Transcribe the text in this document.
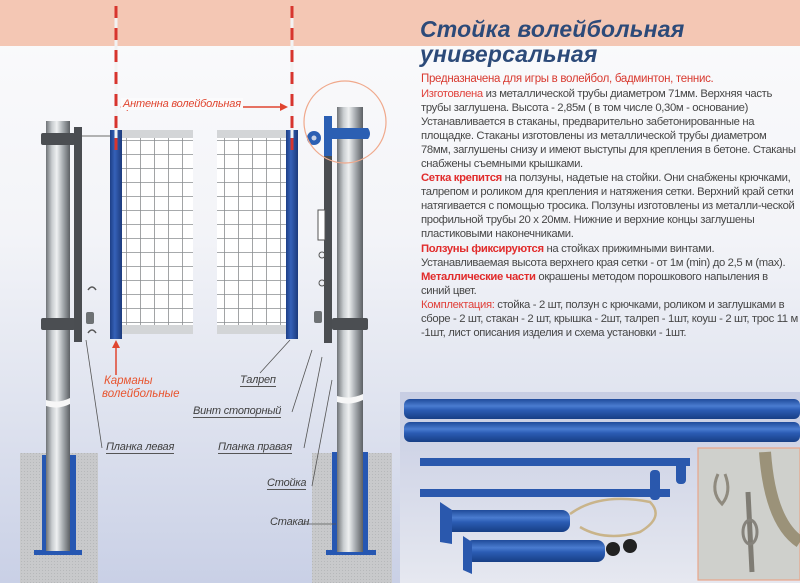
Антенна волейбольная
Карманы
волейбольные
Талреп
Винт стопорный
Планка левая	Планка правая
Стойка
Стакан
Стойка волейбольная
универсальная
Предназначена для игры в волейбол, бадминтон, теннис.

Изготовлена из металлической трубы диаметром 71мм. Верхняя часть трубы заглушена. Высота - 2,85м ( в том числе 0,30м - основание) Устанавливается в стаканы, предварительно забетонированные на площадке. Стаканы изготовлены из металлической трубы диаметром 78мм, заглушены снизу и имеют выступы для крепления в бетоне. Стаканы снабжены съемными крышками.

Сетка крепится на ползуны, надетые на стойки. Они снабжены крючками, талрепом и роликом для крепления и натяжения сетки. Верхний край сетки натягивается с помощью тросика. Ползуны изготовлены из металли-ческой профильной трубы 20 х 20мм. Нижние и верхние концы заглушены пластиковыми наконечниками.

Ползуны фиксируются на стойках прижимными винтами.
Устанавливаемая высота верхнего края сетки - от 1м (min) до 2,5 м (max).

Металлические части окрашены методом порошкового напыления в синий цвет.

Комплектация: стойка - 2 шт, ползун с крючками, роликом и заглушками в сборе - 2 шт, стакан - 2 шт, крышка - 2шт, талреп - 1шт, коуш - 2 шт, трос 11 м -1шт, лист описания изделия и схема установки - 1шт.
